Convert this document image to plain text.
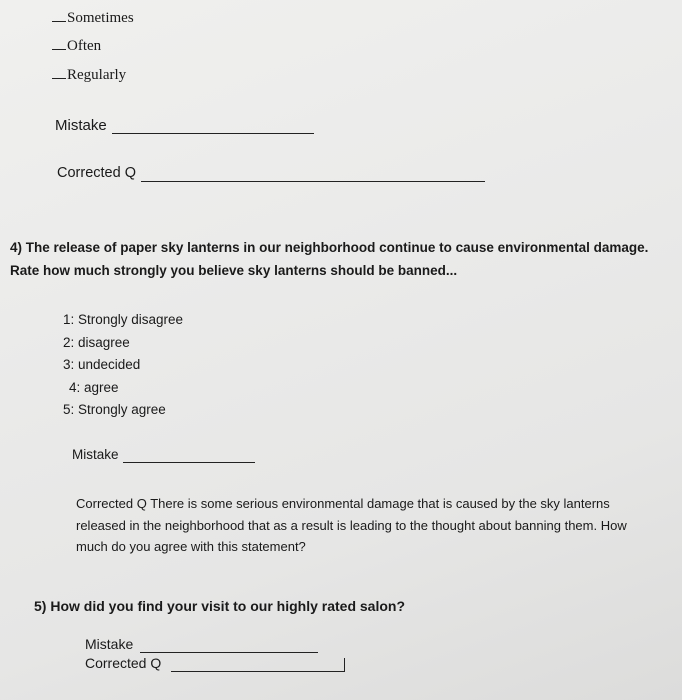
Sometimes
Often
Regularly
Mistake
Corrected Q
4) The release of paper sky lanterns in our neighborhood continue to cause environmental damage.
Rate how much strongly you believe sky lanterns should be banned...
1: Strongly disagree
2: disagree
3: undecided
4: agree
5: Strongly agree
Mistake
Corrected Q There is some serious environmental damage that is caused by the sky lanterns released in the neighborhood that as a result is leading to the thought about banning them. How much do you agree with this statement?
5) How did you find your visit to our highly rated salon?
Mistake
Corrected Q
